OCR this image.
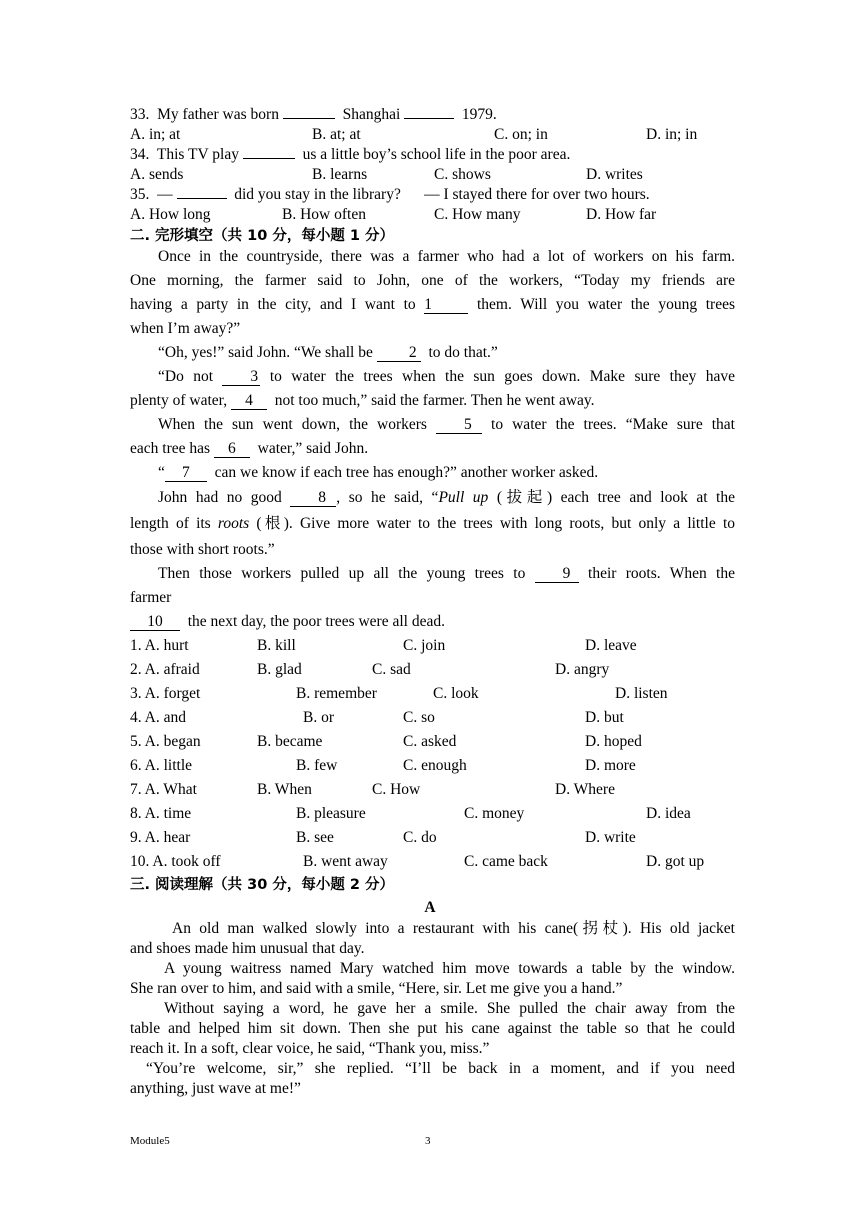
33. My father was born	Shanghai	1979.
A. in; at	B. at; at	C. on; in	D. in; in
34. This TV play	us a little boy’s school life in the poor area.
A. sends	B. learns	C. shows	D. writes
35. —	did you stay in the library? — I stayed there for over two hours.
A. How long	B. How often	C. How many	D. How far
二. 完形填空（共 10 分，每小题 1 分）
Once in the countryside, there was a farmer who had a lot of workers on his farm.
One morning, the farmer said to John, one of the workers, “Today my friends are
having a party in the city, and I want to 1	them. Will you water the young trees
when I’m away?”
“Oh, yes!” said John. “We shall be 2 to do that.”
“Do not 3 to water the trees when the sun goes down. Make sure they have
plenty of water, 4 not too much,” said the farmer. Then he went away.
When the sun went down, the workers 5 to water the trees. “Make sure that
each tree has 6 water,” said John.
“ 7 can we know if each tree has enough?” another worker asked.
John had no good 8 , so he said, “Pull up (拔起) each tree and look at the
length of its roots (根). Give more water to the trees with long roots, but only a little to
those with short roots.”
Then those workers pulled up all the young trees to 9 their roots. When the
farmer
10 the next day, the poor trees were all dead.
1. A. hurt	B. kill	C. join	D. leave
2. A. afraid	B. glad	C. sad	D. angry
3. A. forget	B. remember	C. look	D. listen
4. A. and	B. or	C. so	D. but
5. A. began	B. became	C. asked	D. hoped
6. A. little	B. few	C. enough	D. more
7. A. What	B. When	C. How	D. Where
8. A. time	B. pleasure	C. money	D. idea
9. A. hear	B. see	C. do	D. write
10. A. took off	B. went away	C. came back	D. got up
三. 阅读理解（共 30 分，每小题 2 分）
A
An old man walked slowly into a restaurant with his cane(拐杖). His old jacket
and shoes made him unusual that day.
A young waitress named Mary watched him move towards a table by the window.
She ran over to him, and said with a smile, “Here, sir. Let me give you a hand.”
Without saying a word, he gave her a smile. She pulled the chair away from the
table and helped him sit down. Then she put his cane against the table so that he could
reach it. In a soft, clear voice, he said, “Thank you, miss.”
“You’re welcome, sir,” she replied. “I’ll be back in a moment, and if you need
anything, just wave at me!”
Module5	3
